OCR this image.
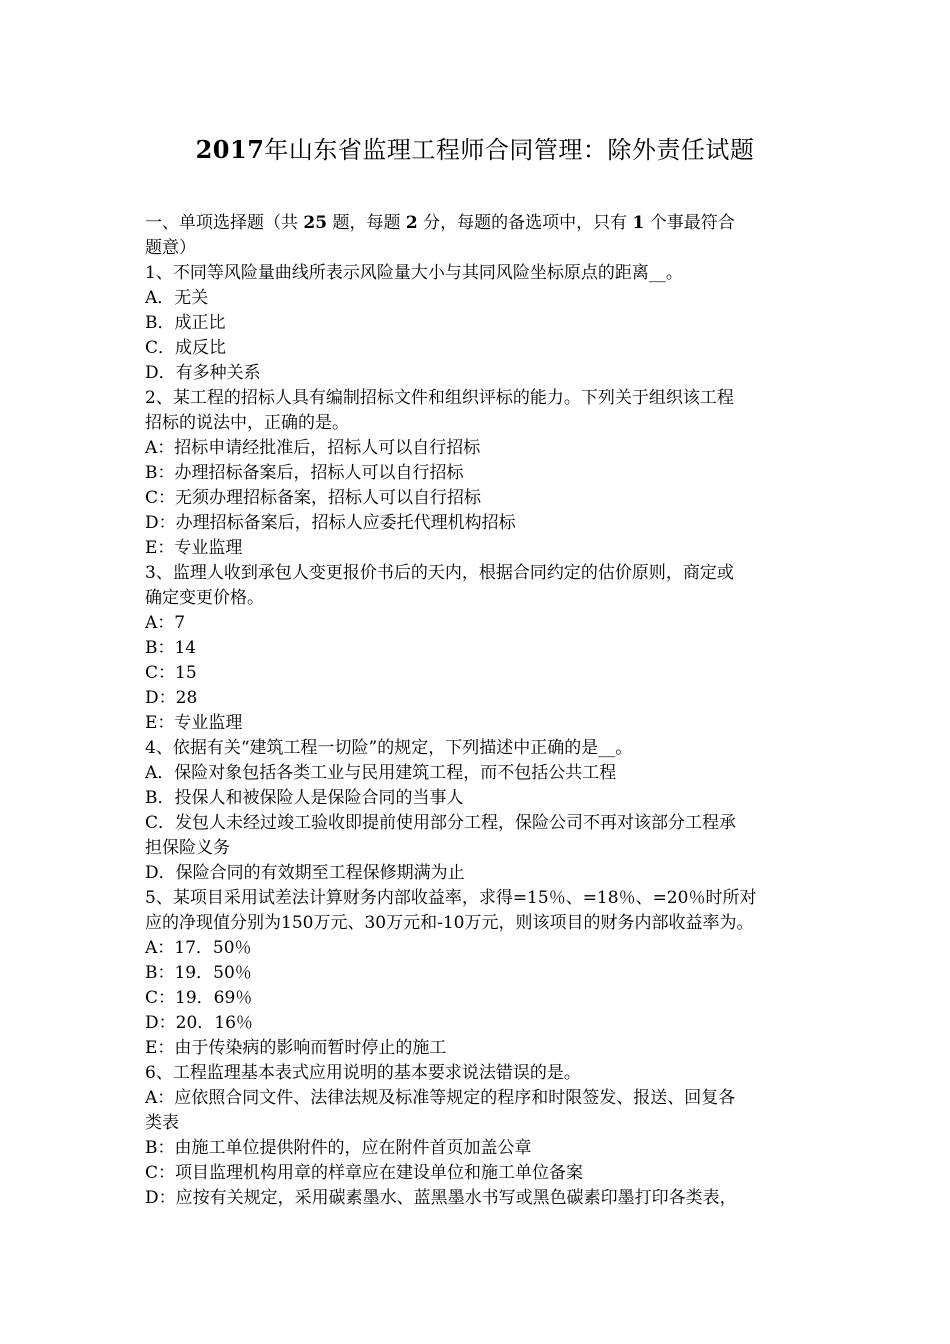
2017年山东省监理工程师合同管理：除外责任试题
一、单项选择题（共 25 题，每题 2 分，每题的备选项中，只有 1 个事最符合
题意）
1、不同等风险量曲线所表示风险量大小与其同风险坐标原点的距离__。
A．无关
B．成正比
C．成反比
D．有多种关系
2、某工程的招标人具有编制招标文件和组织评标的能力。下列关于组织该工程
招标的说法中，正确的是。
A：招标申请经批准后，招标人可以自行招标
B：办理招标备案后，招标人可以自行招标
C：无须办理招标备案，招标人可以自行招标
D：办理招标备案后，招标人应委托代理机构招标
E：专业监理
3、监理人收到承包人变更报价书后的天内，根据合同约定的估价原则，商定或
确定变更价格。
A：7
B：14
C：15
D：28
E：专业监理
4、依据有关“建筑工程一切险”的规定，下列描述中正确的是__。
A．保险对象包括各类工业与民用建筑工程，而不包括公共工程
B．投保人和被保险人是保险合同的当事人
C．发包人未经过竣工验收即提前使用部分工程，保险公司不再对该部分工程承
担保险义务
D．保险合同的有效期至工程保修期满为止
5、某项目采用试差法计算财务内部收益率，求得=15％、=18％、=20％时所对
应的净现值分别为150万元、30万元和-10万元，则该项目的财务内部收益率为。
A：17．50％
B：19．50％
C：19．69％
D：20．16％
E：由于传染病的影响而暂时停止的施工
6、工程监理基本表式应用说明的基本要求说法错误的是。
A：应依照合同文件、法律法规及标准等规定的程序和时限签发、报送、回复各
类表
B：由施工单位提供附件的，应在附件首页加盖公章
C：项目监理机构用章的样章应在建设单位和施工单位备案
D：应按有关规定，采用碳素墨水、蓝黑墨水书写或黑色碳素印墨打印各类表，
